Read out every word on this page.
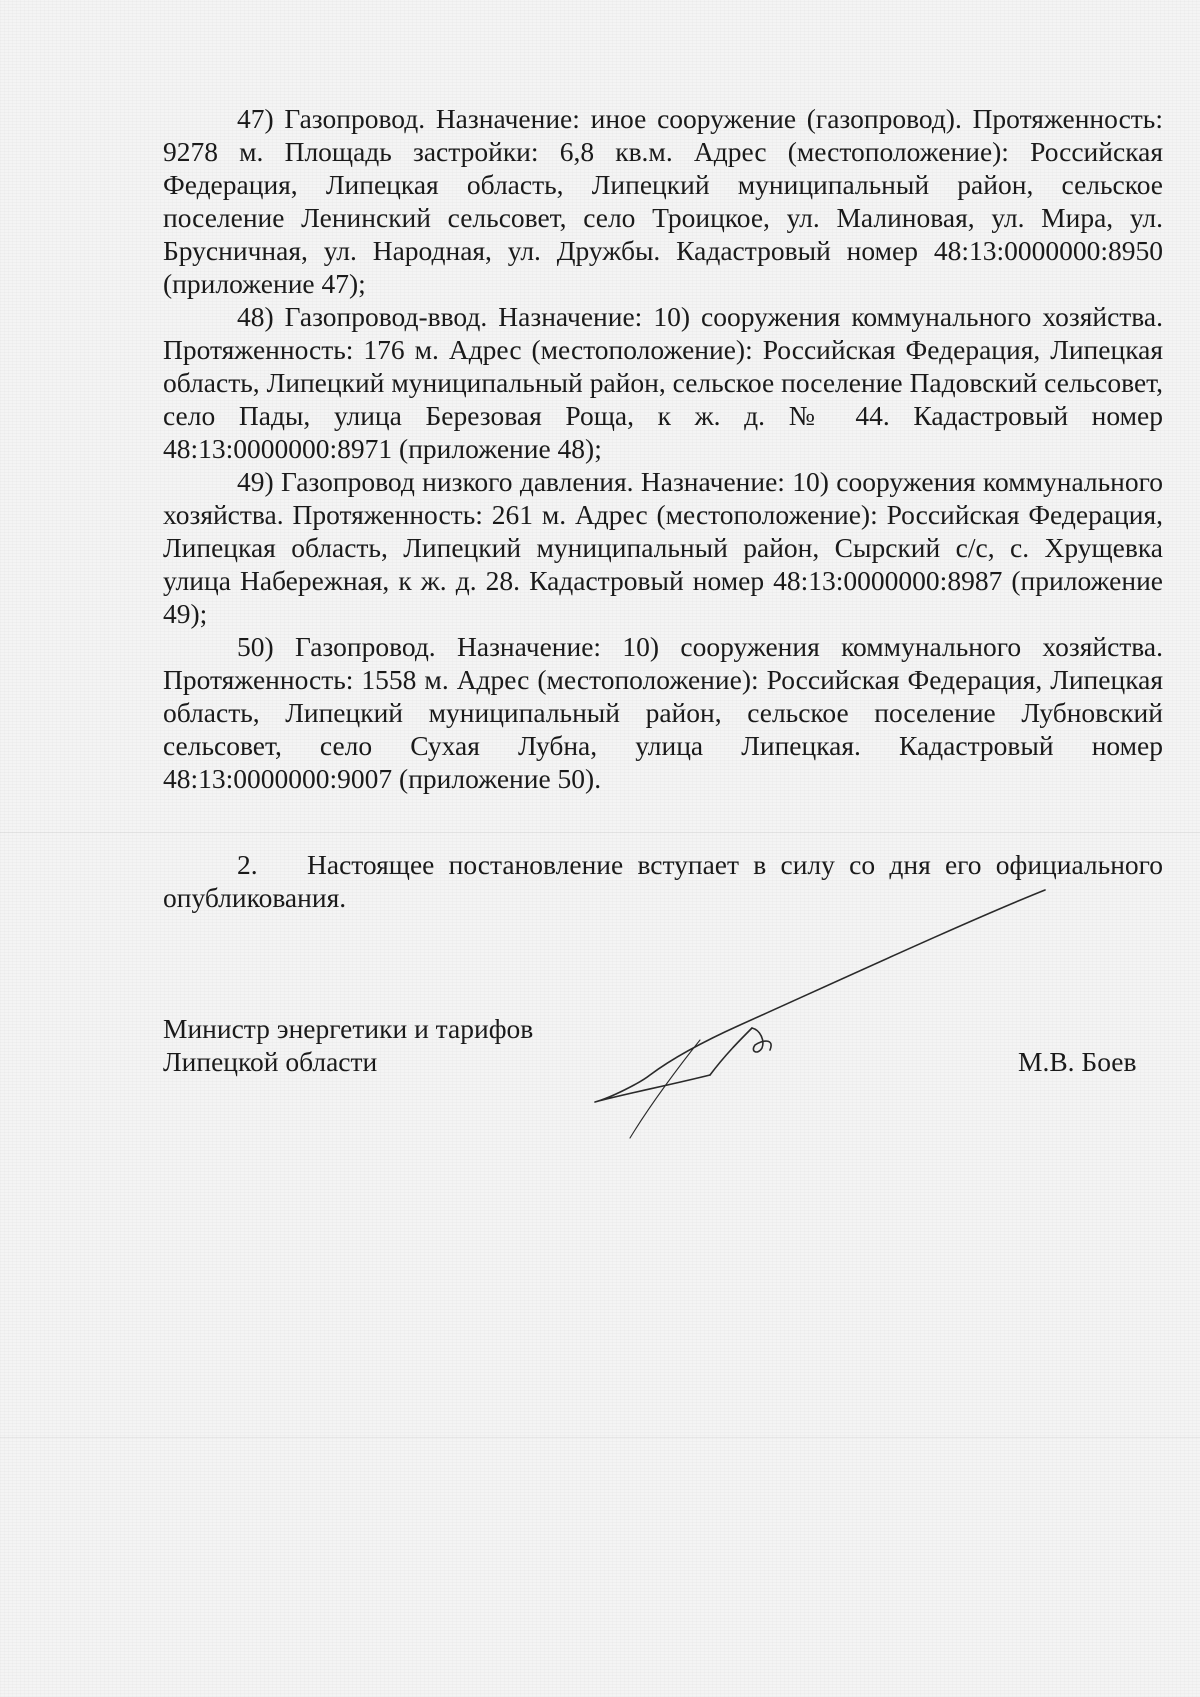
47) Газопровод. Назначение: иное сооружение (газопровод). Протяженность: 9278 м. Площадь застройки: 6,8 кв.м. Адрес (местоположение): Российская Федерация, Липецкая область, Липецкий муниципальный район, сельское поселение Ленинский сельсовет, село Троицкое, ул. Малиновая, ул. Мира, ул. Брусничная, ул. Народная, ул. Дружбы. Кадастровый номер 48:13:0000000:8950 (приложение 47);

48) Газопровод-ввод. Назначение: 10) сооружения коммунального хозяйства. Протяженность: 176 м. Адрес (местоположение): Российская Федерация, Липецкая область, Липецкий муниципальный район, сельское поселение Падовский сельсовет, село Пады, улица Березовая Роща, к ж. д. № 44. Кадастровый номер 48:13:0000000:8971 (приложение 48);

49) Газопровод низкого давления. Назначение: 10) сооружения коммунального хозяйства. Протяженность: 261 м. Адрес (местоположение): Российская Федерация, Липецкая область, Липецкий муниципальный район, Сырский с/с, с. Хрущевка улица Набережная, к ж. д. 28. Кадастровый номер 48:13:0000000:8987 (приложение 49);

50) Газопровод. Назначение: 10) сооружения коммунального хозяйства. Протяженность: 1558 м. Адрес (местоположение): Российская Федерация, Липецкая область, Липецкий муниципальный район, сельское поселение Лубновский сельсовет, село Сухая Лубна, улица Липецкая. Кадастровый номер 48:13:0000000:9007 (приложение 50).

2. Настоящее постановление вступает в силу со дня его официального опубликования.
Министр энергетики и тарифов
Липецкой области	М.В. Боев
